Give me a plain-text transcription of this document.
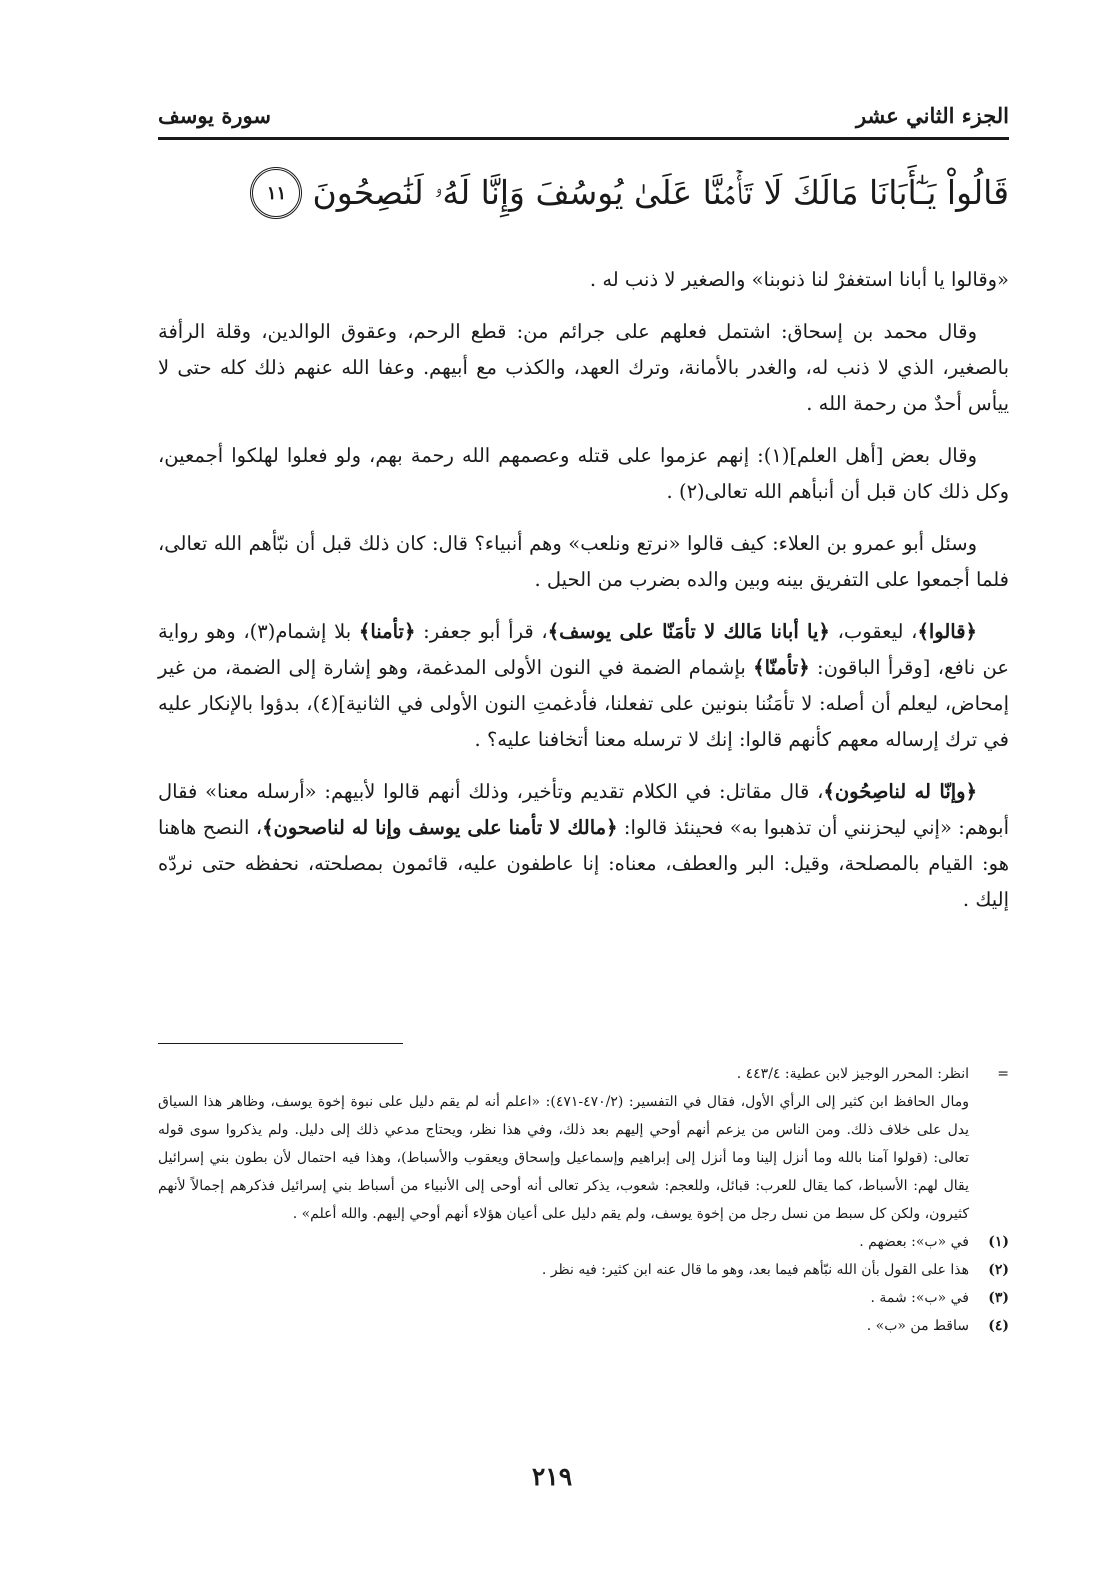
الجزء الثاني عشر
سورة يوسف
قَالُواْ يَـٰٓأَبَانَا مَالَكَ لَا تَأۡمَ۬نَّا عَلَىٰ يُوسُفَ وَإِنَّا لَهُۥ لَنَٰصِحُونَ
١١

«وقالوا يا أبانا استغفرْ لنا ذنوبنا» والصغير لا ذنب له .

وقال محمد بن إسحاق: اشتمل فعلهم على جرائم من: قطع الرحم، وعقوق الوالدين، وقلة الرأفة بالصغير، الذي لا ذنب له، والغدر بالأمانة، وترك العهد، والكذب مع أبيهم. وعفا الله عنهم ذلك كله حتى لا ييأس أحدٌ من رحمة الله .

وقال بعض [أهل العلم](١): إنهم عزموا على قتله وعصمهم الله رحمة بهم، ولو فعلوا لهلكوا أجمعين، وكل ذلك كان قبل أن أنبأهم الله تعالى(٢) .

وسئل أبو عمرو بن العلاء: كيف قالوا «نرتع ونلعب» وهم أنبياء؟ قال: كان ذلك قبل أن نبّأهم الله تعالى، فلما أجمعوا على التفريق بينه وبين والده بضرب من الحيل .

﴿قالوا﴾، ليعقوب، ﴿يا أبانا مَالك لا تأمَنّا على يوسف﴾، قرأ أبو جعفر: ﴿تأمنا﴾ بلا إشمام(٣)، وهو رواية عن نافع، [وقرأ الباقون: ﴿تأمنّا﴾ بإشمام الضمة في النون الأولى المدغمة، وهو إشارة إلى الضمة، من غير إمحاض، ليعلم أن أصله: لا تأمَنُنا بنونين على تفعلنا، فأدغمتِ النون الأولى في الثانية](٤)، بدؤوا بالإنكار عليه في ترك إرساله معهم كأنهم قالوا: إنك لا ترسله معنا أتخافنا عليه؟ .

﴿وإنّا له لناصِحُون﴾، قال مقاتل: في الكلام تقديم وتأخير، وذلك أنهم قالوا لأبيهم: «أرسله معنا» فقال أبوهم: «إني ليحزنني أن تذهبوا به» فحينئذ قالوا: ﴿مالك لا تأمنا على يوسف وإنا له لناصحون﴾، النصح هاهنا هو: القيام بالمصلحة، وقيل: البر والعطف، معناه: إنا عاطفون عليه، قائمون بمصلحته، نحفظه حتى نردّه إليك .

=

انظر: المحرر الوجيز لابن عطية: ٤٤٣/٤ .

ومال الحافظ ابن كثير إلى الرأي الأول، فقال في التفسير: (٤٧٠/٢-٤٧١): «اعلم أنه لم يقم دليل على نبوة إخوة يوسف، وظاهر هذا السياق يدل على خلاف ذلك. ومن الناس من يزعم أنهم أوحي إليهم بعد ذلك، وفي هذا نظر، ويحتاج مدعي ذلك إلى دليل. ولم يذكروا سوى قوله تعالى: (قولوا آمنا بالله وما أنزل إلينا وما أنزل إلى إبراهيم وإسماعيل وإسحاق ويعقوب والأسباط)، وهذا فيه احتمال لأن بطون بني إسرائيل يقال لهم: الأسباط، كما يقال للعرب: قبائل، وللعجم: شعوب، يذكر تعالى أنه أوحى إلى الأنبياء من أسباط بني إسرائيل فذكرهم إجمالاً لأنهم كثيرون، ولكن كل سبط من نسل رجل من إخوة يوسف، ولم يقم دليل على أعيان هؤلاء أنهم أوحي إليهم. والله أعلم» .

(١)
في «ب»: بعضهم .
(٢)
هذا على القول بأن الله نبّأهم فيما بعد، وهو ما قال عنه ابن كثير: فيه نظر .
(٣)
في «ب»: شمة .
(٤)
ساقط من «ب» .
٢١٩
